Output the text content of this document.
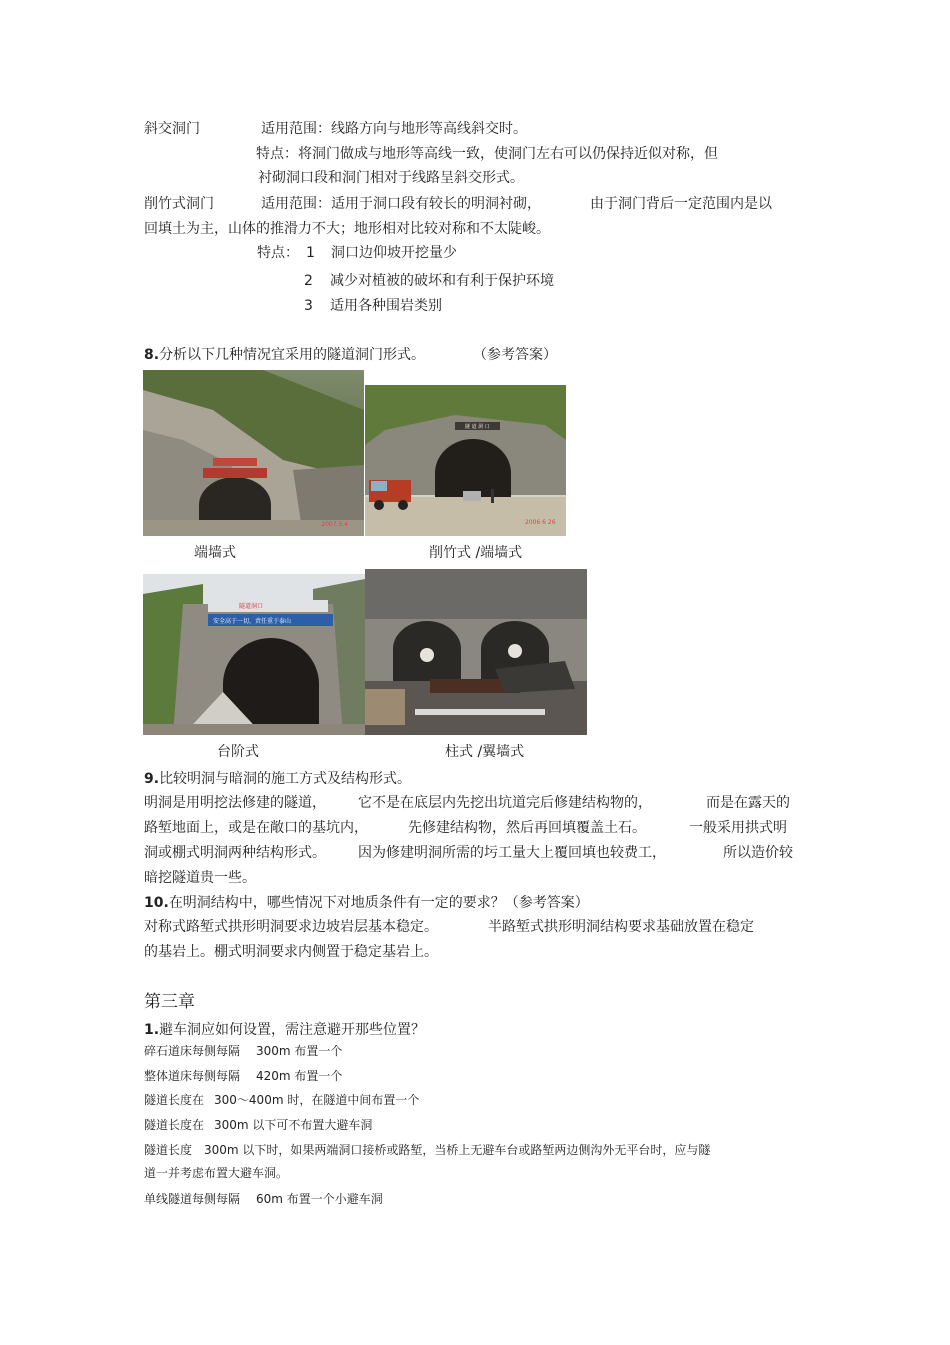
斜交洞门	适用范围：线路方向与地形等高线斜交时。
特点：将洞门做成与地形等高线一致，使洞门左右可以仍保持近似对称，但
衬砌洞口段和洞门相对于线路呈斜交形式。
削竹式洞门	适用范围：适用于洞口段有较长的明洞衬砌，	由于洞门背后一定范围内是以
回填土为主，山体的推滑力不大；地形相对比较对称和不太陡峻。
特点： 1 洞口边仰坡开挖量少
2 减少对植被的破坏和有利于保护环境
3 适用各种围岩类别
8.分析以下几种情况宜采用的隧道洞门形式。	（参考答案）
2007.5.4
隧 道 洞 口
2006 6 26
端墙式	削竹式 /端墙式
隧道洞口
安全高于一切，责任重于泰山
台阶式	柱式 /翼墙式
9.比较明洞与暗洞的施工方式及结构形式。
明洞是用明挖法修建的隧道， 它不是在底层内先挖出坑道完后修建结构物的，	而是在露天的
路堑地面上，或是在敞口的基坑内，	先修建结构物，然后再回填覆盖土石。	一般采用拱式明
洞或棚式明洞两种结构形式。 因为修建明洞所需的圬工量大上覆回填也较费工，	所以造价较
暗挖隧道贵一些。
10.在明洞结构中，哪些情况下对地质条件有一定的要求？（参考答案）
对称式路堑式拱形明洞要求边坡岩层基本稳定。	半路堑式拱形明洞结构要求基础放置在稳定
的基岩上。棚式明洞要求内侧置于稳定基岩上。
第三章
1.避车洞应如何设置，需注意避开那些位置？
碎石道床每侧每隔 300m 布置一个
整体道床每侧每隔 420m 布置一个
隧道长度在 300～400m 时，在隧道中间布置一个
隧道长度在 300m 以下可不布置大避车洞
隧道长度 300m 以下时，如果两端洞口接桥或路堑，当桥上无避车台或路堑两边侧沟外无平台时，应与隧
道一并考虑布置大避车洞。
单线隧道每侧每隔 60m 布置一个小避车洞
